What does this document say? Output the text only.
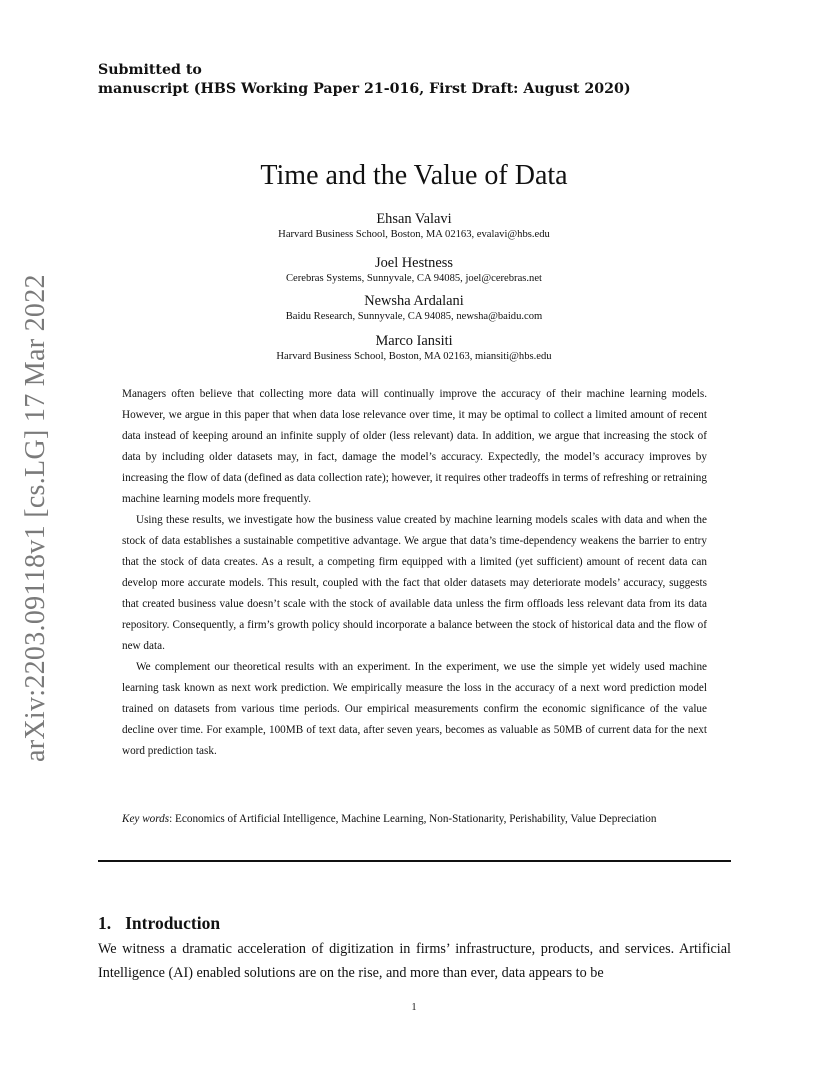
arXiv:2203.09118v1 [cs.LG] 17 Mar 2022
Submitted to
manuscript (HBS Working Paper 21-016, First Draft: August 2020)
Time and the Value of Data
Ehsan Valavi
Harvard Business School, Boston, MA 02163, evalavi@hbs.edu
Joel Hestness
Cerebras Systems, Sunnyvale, CA 94085, joel@cerebras.net
Newsha Ardalani
Baidu Research, Sunnyvale, CA 94085, newsha@baidu.com
Marco Iansiti
Harvard Business School, Boston, MA 02163, miansiti@hbs.edu

Managers often believe that collecting more data will continually improve the accuracy of their machine learning models. However, we argue in this paper that when data lose relevance over time, it may be optimal to collect a limited amount of recent data instead of keeping around an infinite supply of older (less relevant) data. In addition, we argue that increasing the stock of data by including older datasets may, in fact, damage the model’s accuracy. Expectedly, the model’s accuracy improves by increasing the flow of data (defined as data collection rate); however, it requires other tradeoffs in terms of refreshing or retraining machine learning models more frequently.

Using these results, we investigate how the business value created by machine learning models scales with data and when the stock of data establishes a sustainable competitive advantage. We argue that data’s time-dependency weakens the barrier to entry that the stock of data creates. As a result, a competing firm equipped with a limited (yet sufficient) amount of recent data can develop more accurate models. This result, coupled with the fact that older datasets may deteriorate models’ accuracy, suggests that created business value doesn’t scale with the stock of available data unless the firm offloads less relevant data from its data repository. Consequently, a firm’s growth policy should incorporate a balance between the stock of historical data and the flow of new data.

We complement our theoretical results with an experiment. In the experiment, we use the simple yet widely used machine learning task known as next work prediction. We empirically measure the loss in the accuracy of a next word prediction model trained on datasets from various time periods. Our empirical measurements confirm the economic significance of the value decline over time. For example, 100MB of text data, after seven years, becomes as valuable as 50MB of current data for the next word prediction task.

Key words: Economics of Artificial Intelligence, Machine Learning, Non-Stationarity, Perishability, Value Depreciation
1. Introduction

We witness a dramatic acceleration of digitization in firms’ infrastructure, products, and services. Artificial Intelligence (AI) enabled solutions are on the rise, and more than ever, data appears to be

1
